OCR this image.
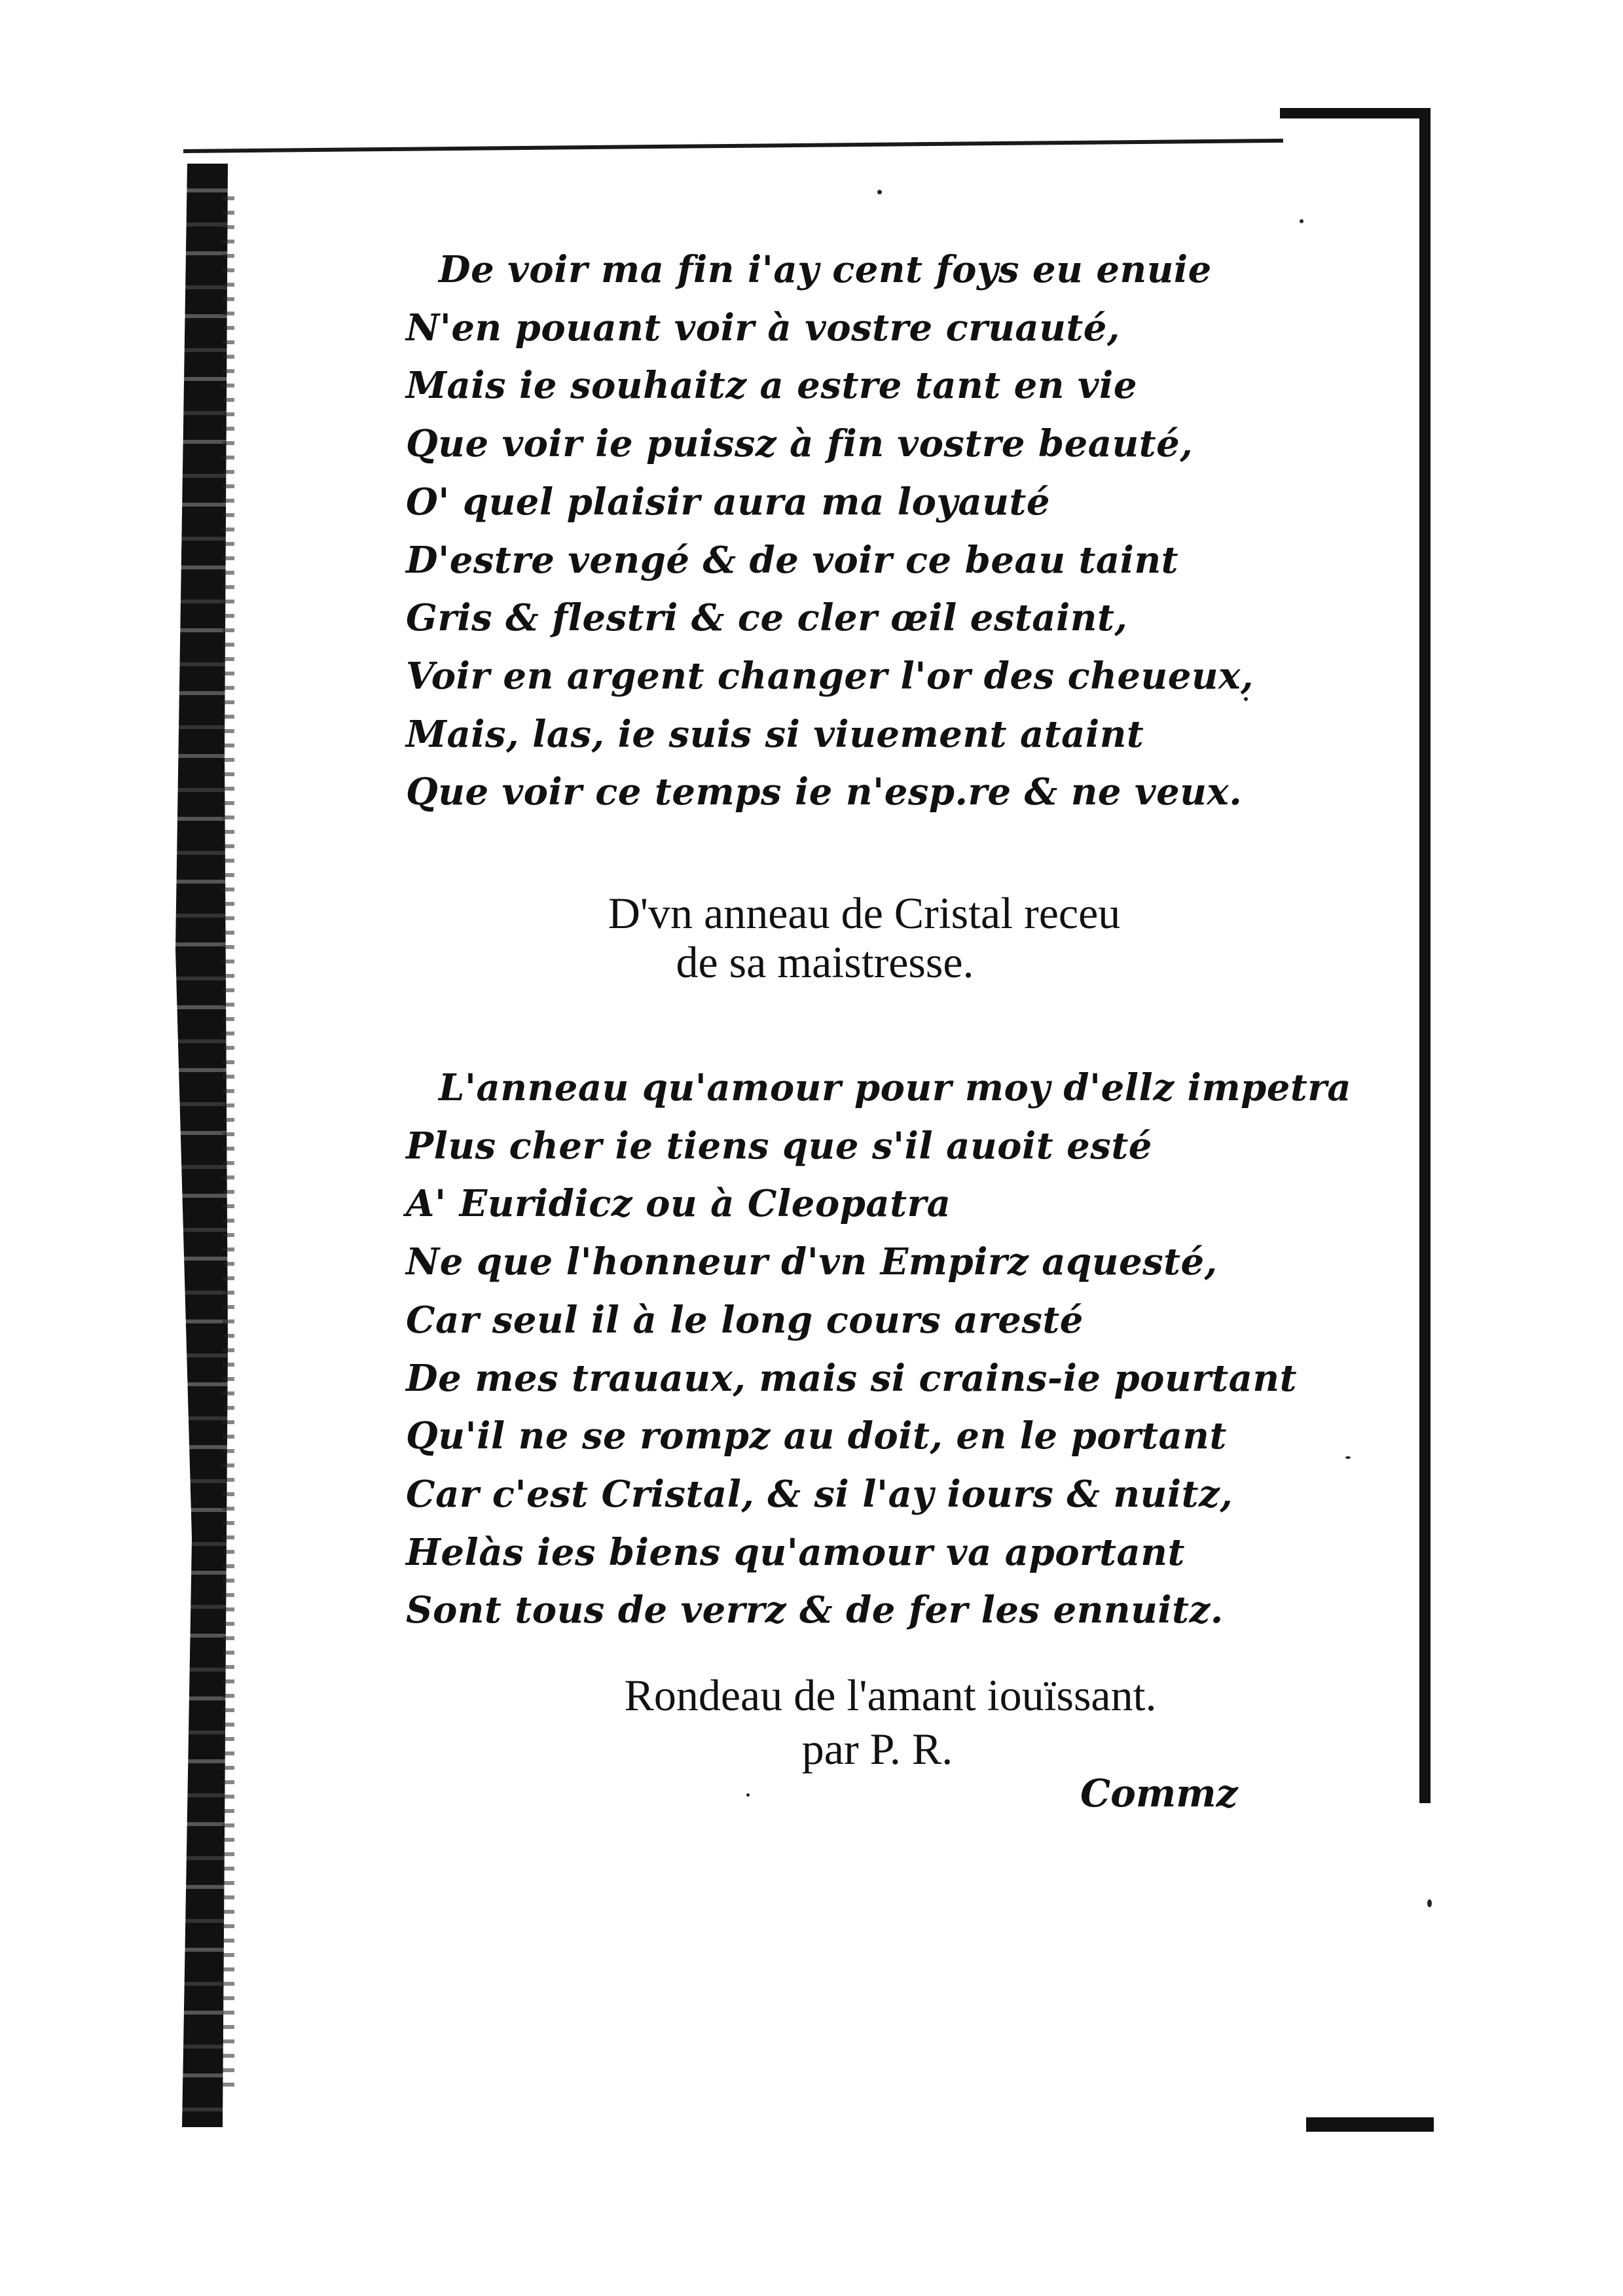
De voir ma fin i'ay cent foys eu enuie
N'en pouant voir à vostre cruauté,
Mais ie souhaitz a estre tant en vie
Que voir ie puissz à fin vostre beauté,
O' quel plaisir aura ma loyauté
D'estre vengé & de voir ce beau taint
Gris & flestri & ce cler œil estaint,
Voir en argent changer l'or des cheueux,
Mais, las, ie suis si viuement ataint
Que voir ce temps ie n'esp.re & ne veux.
D'vn anneau de Cristal receu
de sa maistresse.
L'anneau qu'amour pour moy d'ellz impetra
Plus cher ie tiens que s'il auoit esté
A' Euridicz ou à Cleopatra
Ne que l'honneur d'vn Empirz aquesté,
Car seul il à le long cours aresté
De mes trauaux, mais si crains-ie pourtant
Qu'il ne se rompz au doit, en le portant
Car c'est Cristal, & si l'ay iours & nuitz,
Helàs ies biens qu'amour va aportant
Sont tous de verrz & de fer les ennuitz.
Rondeau de l'amant iouïssant.
par P. R.
Commz
